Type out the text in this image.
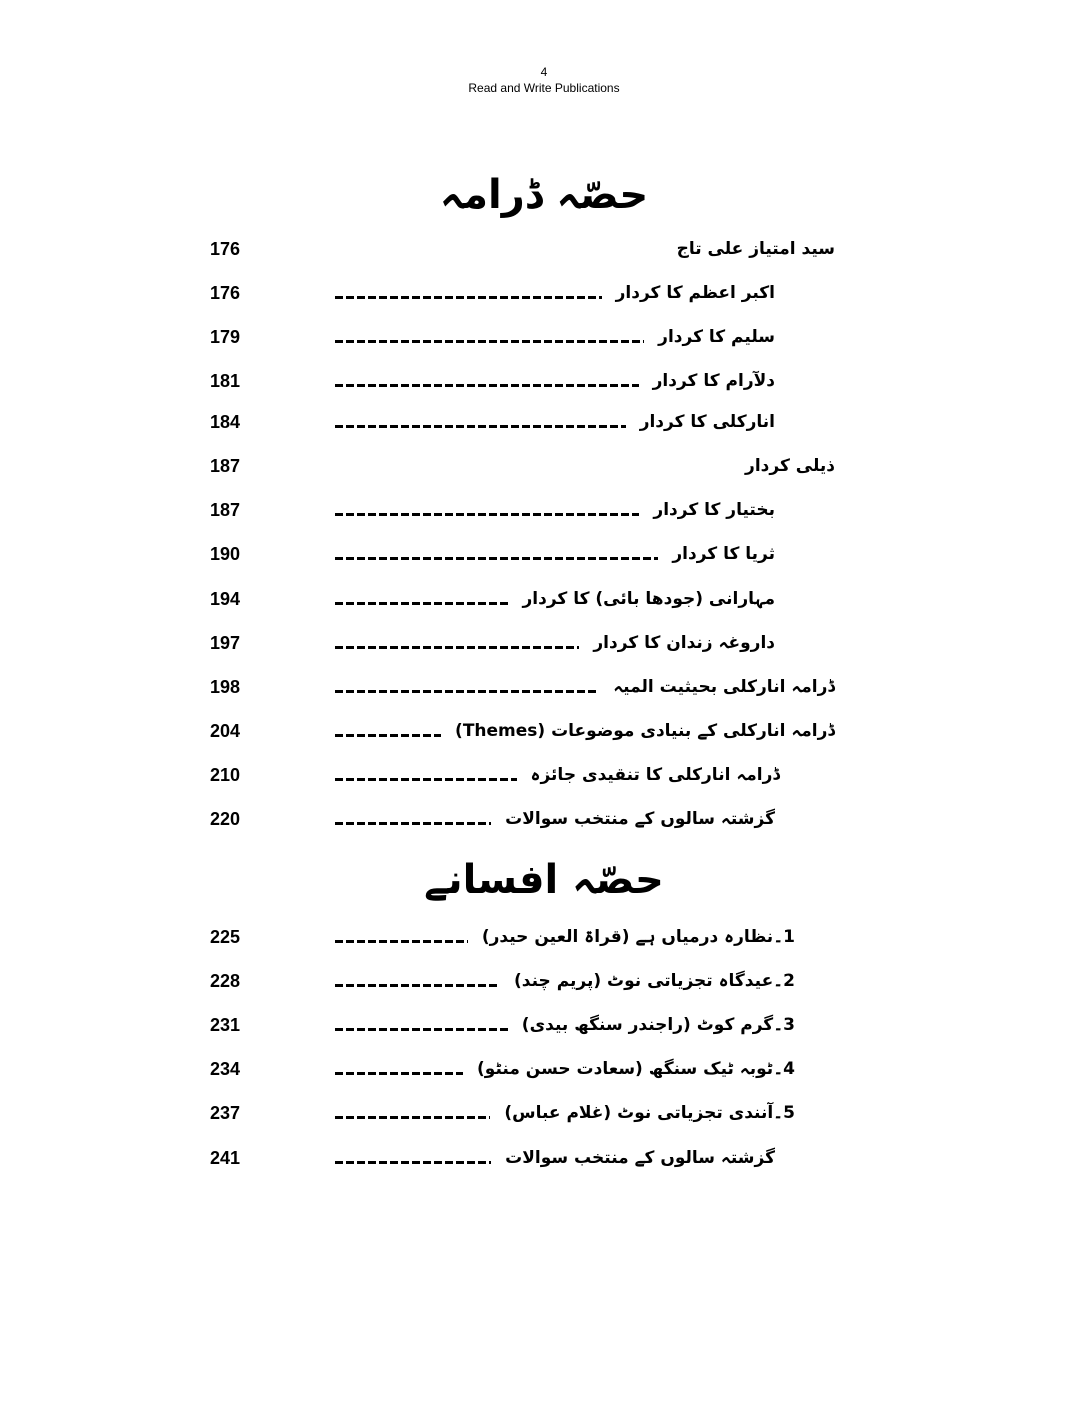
4
Read and Write Publications
حصّہ ڈرامہ
حصّہ افسانے
176	سید امتیاز علی تاج
176	اکبر اعظم کا کردار
179	سلیم کا کردار
181	دلآرام کا کردار
184	انارکلی کا کردار
187	ذیلی کردار
187	بختیار کا کردار
190	ثریا کا کردار
194	مہارانی (جودھا بائی) کا کردار
197	داروغہ زندان کا کردار
198	ڈرامہ انارکلی بحیثیت المیہ
204	ڈرامہ انارکلی کے بنیادی موضوعات (Themes)
210	ڈرامہ انارکلی کا تنقیدی جائزہ
220	گزشتہ سالوں کے منتخب سوالات
225	1۔نظارہ درمیاں ہے (قراۃ العین حیدر)
228	2۔عیدگاہ تجزیاتی نوٹ (پریم چند)
231	3۔گرم کوٹ (راجندر سنگھ بیدی)
234	4۔ٹوبہ ٹیک سنگھ (سعادت حسن منٹو)
237	5۔آنندی تجزیاتی نوٹ (غلام عباس)
241	گزشتہ سالوں کے منتخب سوالات
